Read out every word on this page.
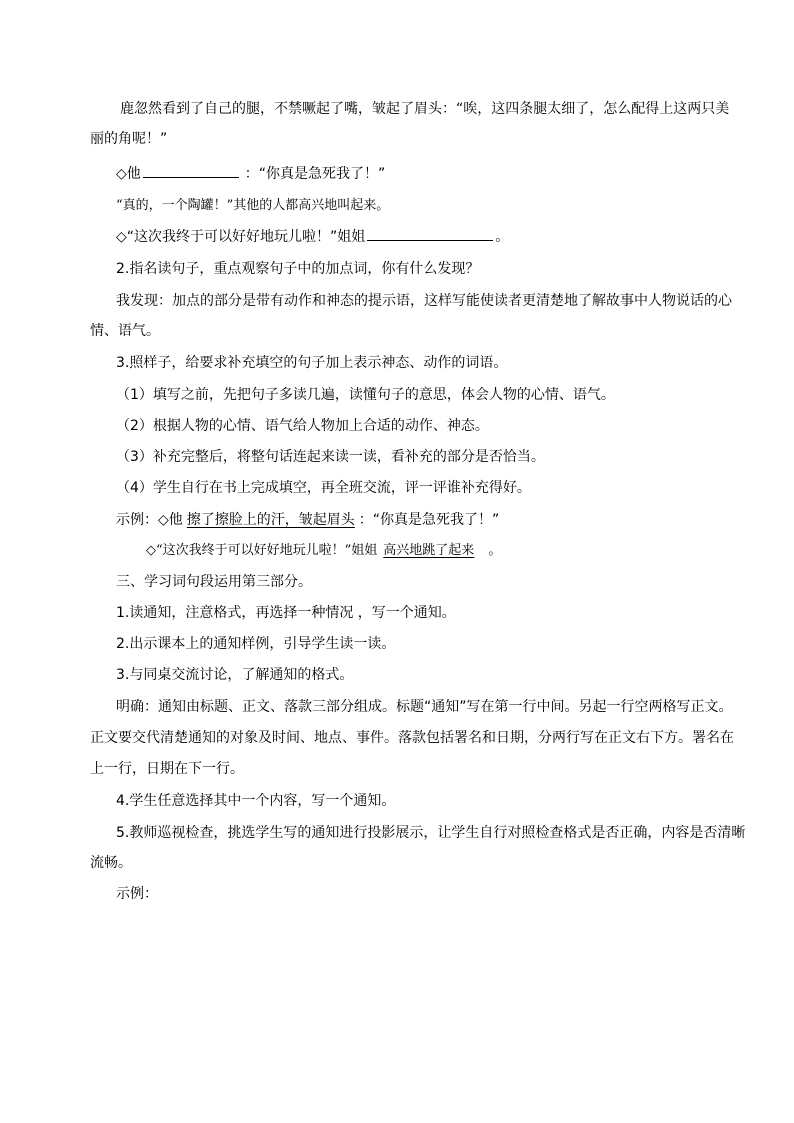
鹿忽然看到了自己的腿，不禁噘起了嘴，皱起了眉头：“唉，这四条腿太细了，怎么配得上这两只美
丽的角呢！”
◇他	：“你真是急死我了！”
“真的，一个陶罐！”其他的人都高兴地叫起来。
◇“这次我终于可以好好地玩儿啦！”姐姐	。
2.指名读句子，重点观察句子中的加点词，你有什么发现？
我发现：加点的部分是带有动作和神态的提示语，这样写能使读者更清楚地了解故事中人物说话的心
情、语气。
3.照样子，给要求补充填空的句子加上表示神态、动作的词语。
（1）填写之前，先把句子多读几遍，读懂句子的意思，体会人物的心情、语气。
（2）根据人物的心情、语气给人物加上合适的动作、神态。
（3）补充完整后，将整句话连起来读一读，看补充的部分是否恰当。
（4）学生自行在书上完成填空，再全班交流，评一评谁补充得好。
示例：◇他 擦了擦脸上的汗，皱起眉头 ：“你真是急死我了！”
◇“这次我终于可以好好地玩儿啦！”姐姐 高兴地跳了起来 。
三、学习词句段运用第三部分。
1.读通知，注意格式，再选择一种情况 ，写一个通知。
2.出示课本上的通知样例，引导学生读一读。
3.与同桌交流讨论，了解通知的格式。
明确：通知由标题、正文、落款三部分组成。标题“通知”写在第一行中间。另起一行空两格写正文。
正文要交代清楚通知的对象及时间、地点、事件。落款包括署名和日期，分两行写在正文右下方。署名在
上一行，日期在下一行。
4.学生任意选择其中一个内容，写一个通知。
5.教师巡视检查，挑选学生写的通知进行投影展示，让学生自行对照检查格式是否正确，内容是否清晰
流畅。
示例：
